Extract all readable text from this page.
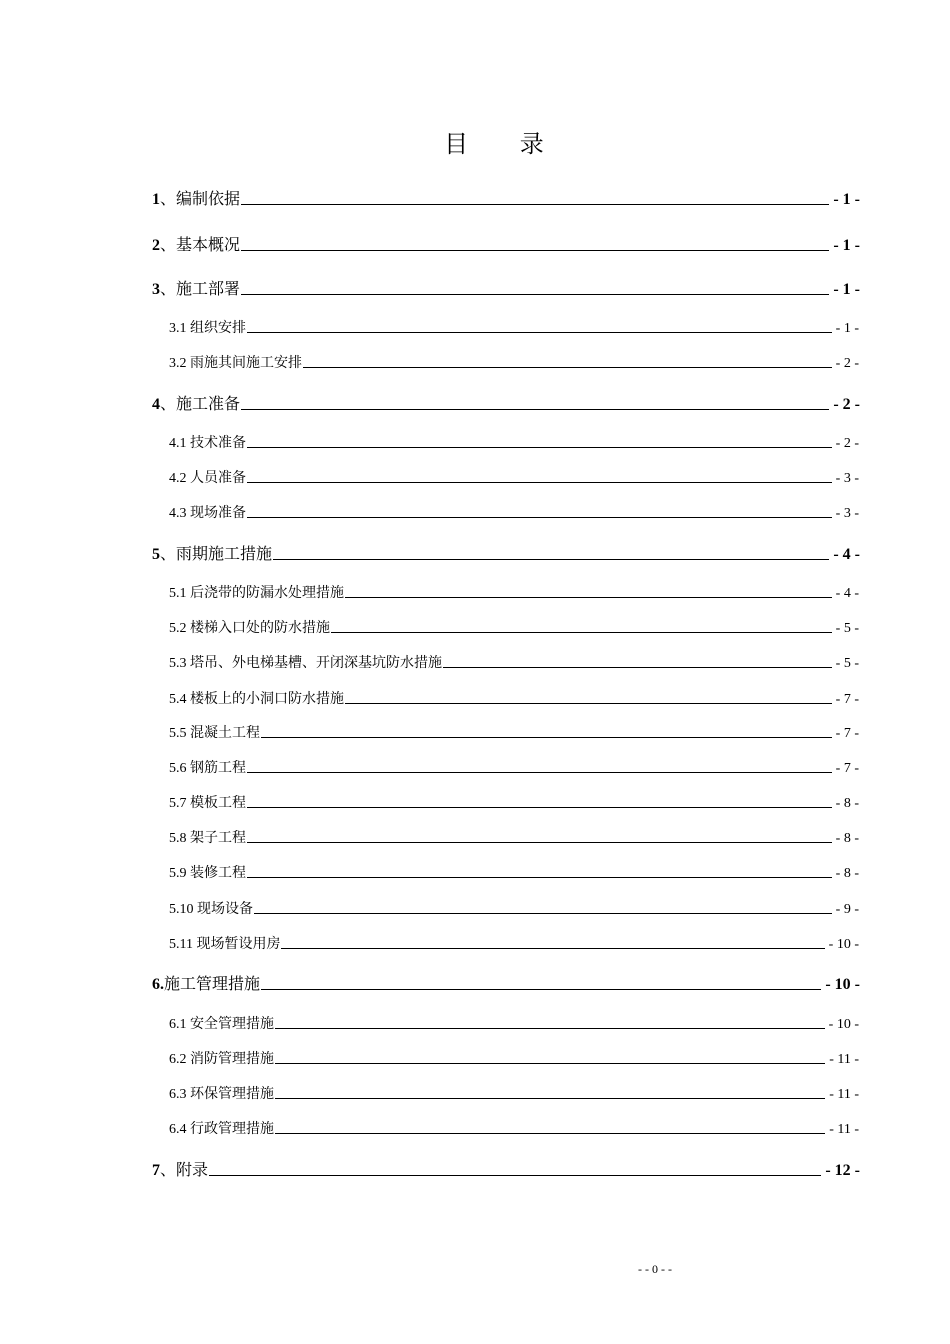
目 录
1、编制依据	- 1 -
2、基本概况	- 1 -
3、施工部署	- 1 -
3.1 组织安排	- 1 -
3.2 雨施其间施工安排	- 2 -
4、施工准备	- 2 -
4.1 技术准备	- 2 -
4.2 人员准备	- 3 -
4.3 现场准备	- 3 -
5、雨期施工措施	- 4 -
5.1 后浇带的防漏水处理措施	- 4 -
5.2 楼梯入口处的防水措施	- 5 -
5.3 塔吊、外电梯基槽、开闭深基坑防水措施	- 5 -
5.4 楼板上的小洞口防水措施	- 7 -
5.5 混凝土工程	- 7 -
5.6 钢筋工程	- 7 -
5.7 模板工程	- 8 -
5.8 架子工程	- 8 -
5.9 装修工程	- 8 -
5.10 现场设备	- 9 -
5.11 现场暂设用房	- 10 -
6.施工管理措施	- 10 -
6.1 安全管理措施	- 10 -
6.2 消防管理措施	- 11 -
6.3 环保管理措施	- 11 -
6.4 行政管理措施	- 11 -
7、附录	- 12 -
- - 0 - -
